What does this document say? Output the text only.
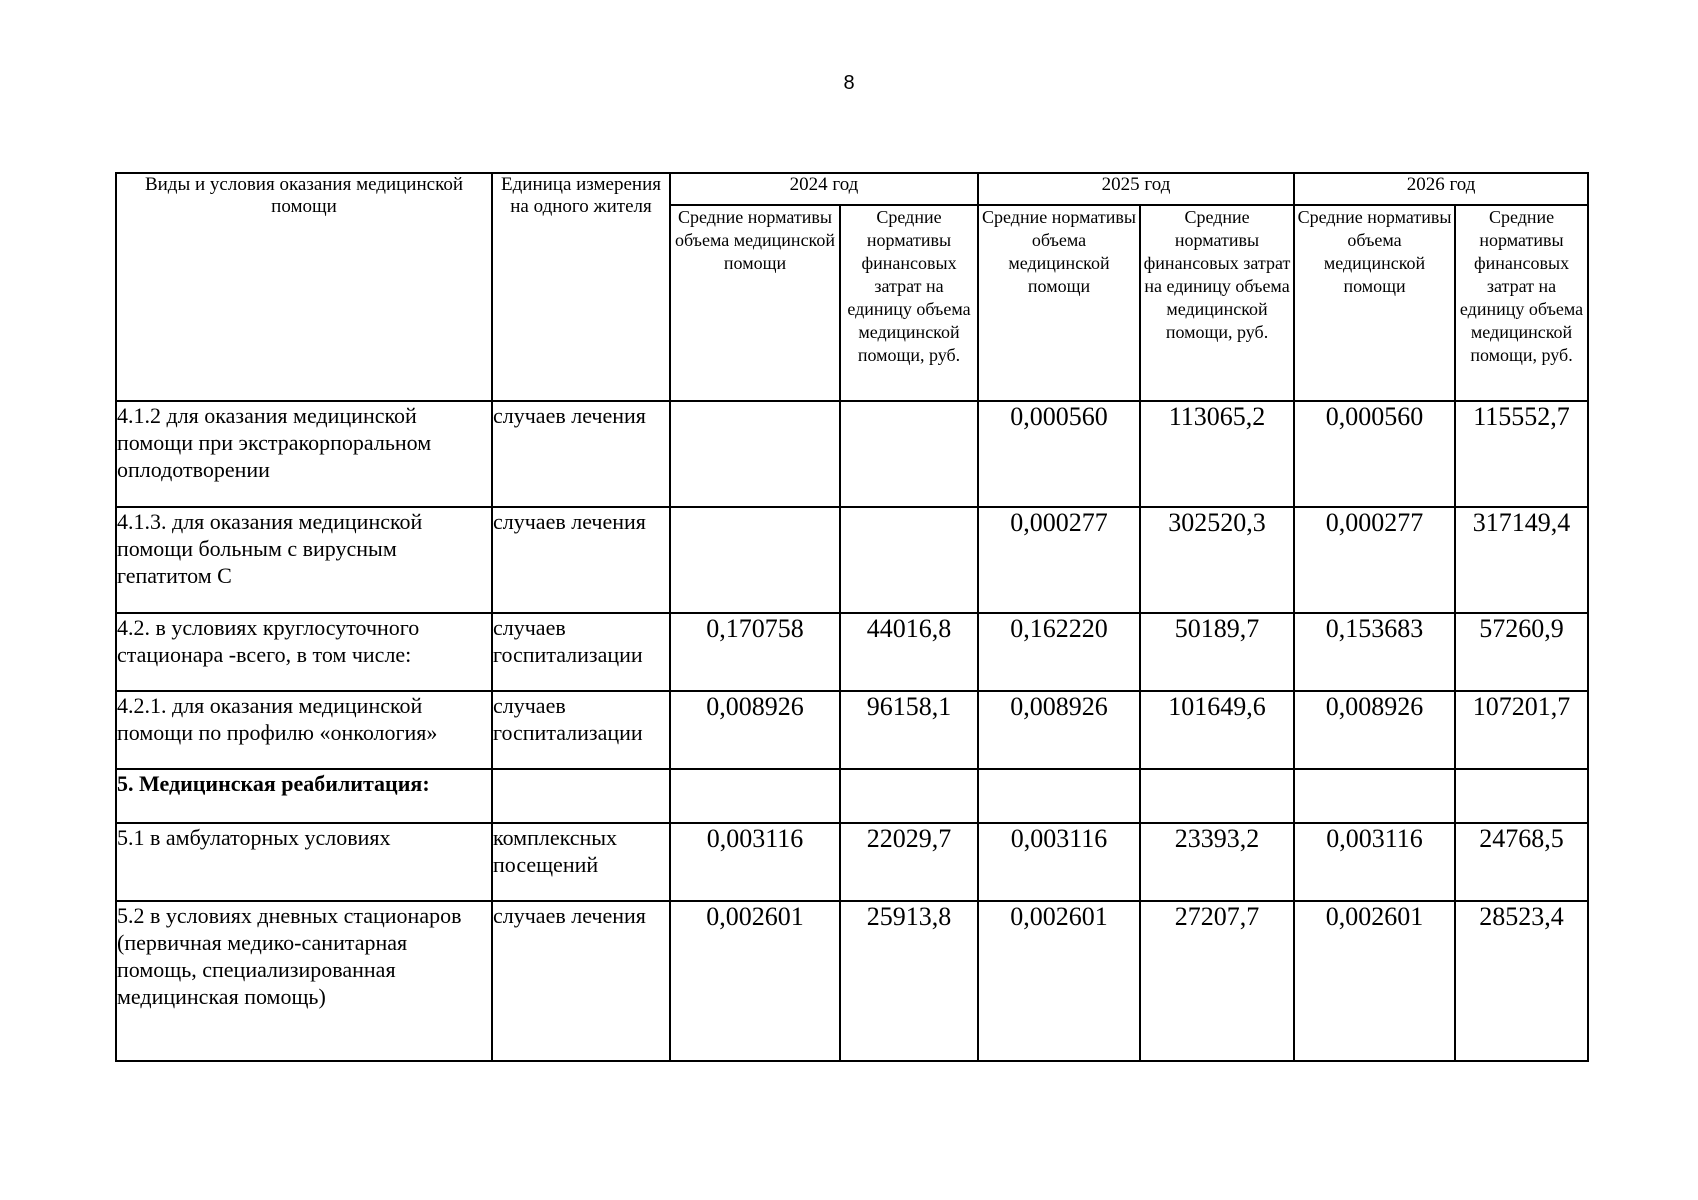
8
Виды и условия оказания медицинской помощи	Единица измерения на одного жителя	2024 год		2025 год		2026 год	
		Средние нормативы объема медицинской помощи	Средние нормативы финансовых затрат на единицу объема медицинской помощи, руб.	Средние нормативы объема медицинской помощи	Средние нормативы финансовых затрат на единицу объема медицинской помощи, руб.	Средние нормативы объема медицинской помощи	Средние нормативы финансовых затрат на единицу объема медицинской помощи, руб.
4.1.2 для оказания медицинской помощи при экстракорпоральном оплодотворении	случаев лечения			0,000560	113065,2	0,000560	115552,7
4.1.3. для оказания медицинской помощи больным с вирусным гепатитом С	случаев лечения			0,000277	302520,3	0,000277	317149,4
4.2. в условиях круглосуточного стационара -всего, в том числе:	случаев госпитализации	0,170758	44016,8	0,162220	50189,7	0,153683	57260,9
4.2.1. для оказания медицинской помощи по профилю «онкология»	случаев госпитализации	0,008926	96158,1	0,008926	101649,6	0,008926	107201,7
5. Медицинская реабилитация:							
5.1 в амбулаторных условиях	комплексных посещений	0,003116	22029,7	0,003116	23393,2	0,003116	24768,5
5.2 в условиях дневных стационаров (первичная медико-санитарная помощь, специализированная медицинская помощь)	случаев лечения	0,002601	25913,8	0,002601	27207,7	0,002601	28523,4
